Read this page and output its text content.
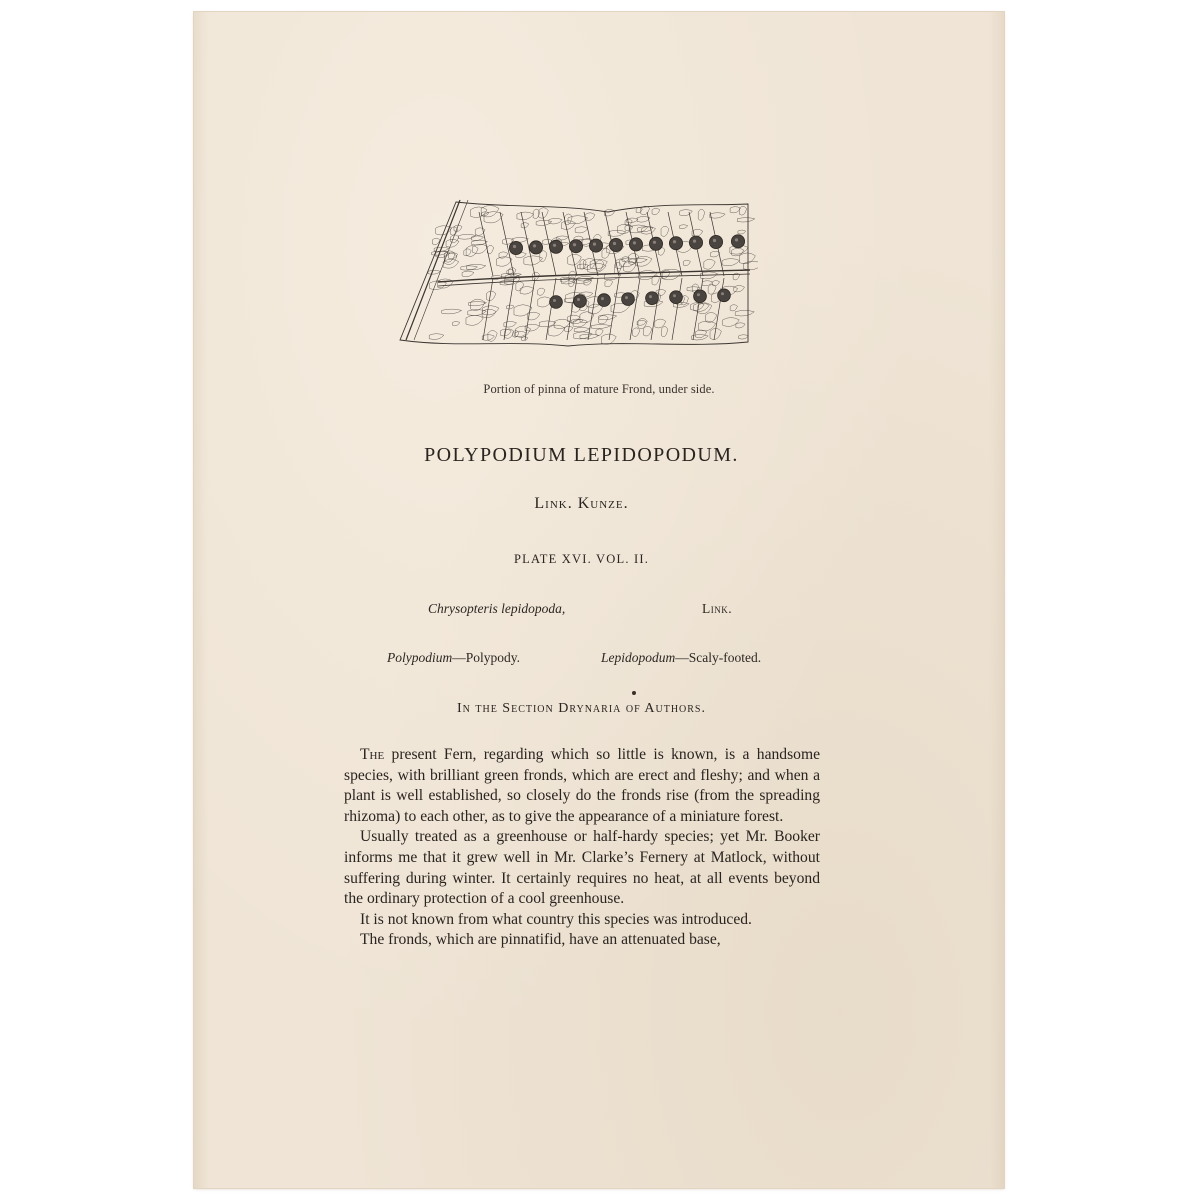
Portion of pinna of mature Frond, under side.
POLYPODIUM LEPIDOPODUM.
Link. Kunze.
PLATE XVI. VOL. II.
Chrysopteris lepidopoda,	Link.
Polypodium—Polypody.	Lepidopodum—Scaly-footed.
In the Section Drynaria of Authors.

The present Fern, regarding which so little is known, is a handsome species, with brilliant green fronds, which are erect and fleshy; and when a plant is well established, so closely do the fronds rise (from the spreading rhizoma) to each other, as to give the appearance of a miniature forest.

Usually treated as a greenhouse or half-hardy species; yet Mr. Booker informs me that it grew well in Mr. Clarke’s Fernery at Matlock, without suffering during winter. It certainly requires no heat, at all events beyond the ordinary protection of a cool greenhouse.

It is not known from what country this species was introduced.

The fronds, which are pinnatifid, have an attenuated base,
